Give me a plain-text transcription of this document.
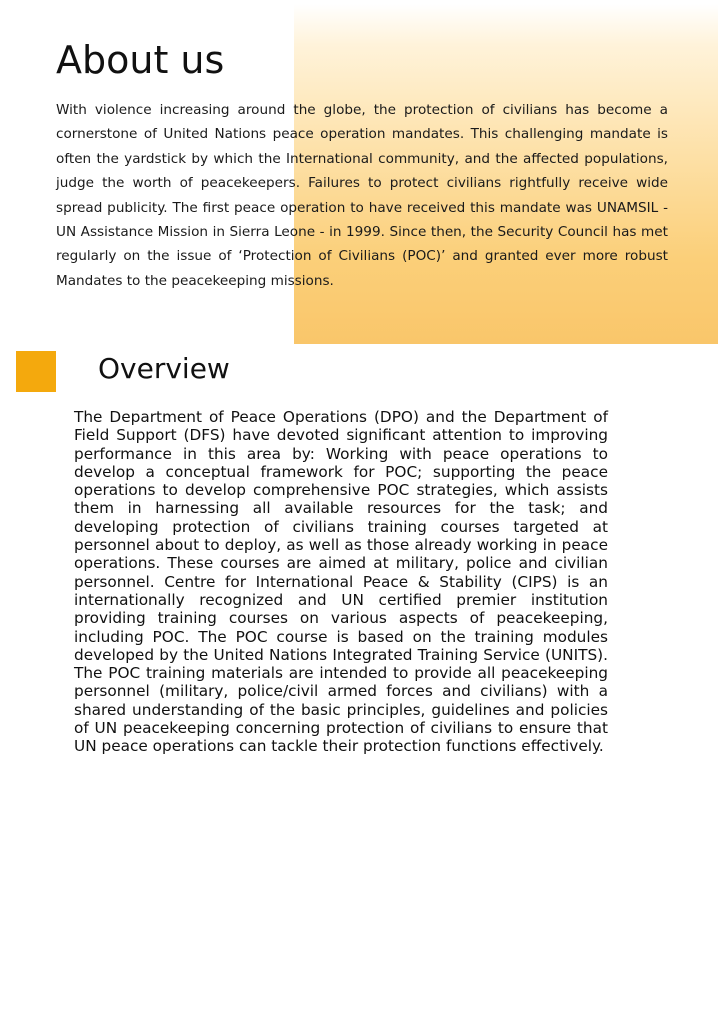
About us

With violence increasing around the globe, the protection of civilians has become a cornerstone of United Nations peace operation mandates. This challenging mandate is often the yardstick by which the International community, and the affected populations, judge the worth of peacekeepers. Failures to protect civilians rightfully receive wide spread publicity. The first peace operation to have received this mandate was UNAMSIL - UN Assistance Mission in Sierra Leone - in 1999. Since then, the Security Council has met regularly on the issue of ‘Protection of Civilians (POC)’ and granted ever more robust Mandates to the peacekeeping missions.

Overview

The Department of Peace Operations (DPO) and the Department of Field Support (DFS) have devoted significant attention to improving performance in this area by: Working with peace operations to develop a conceptual framework for POC; supporting the peace operations to develop comprehensive POC strategies, which assists them in harnessing all available resources for the task; and developing protection of civilians training courses targeted at personnel about to deploy, as well as those already working in peace operations. These courses are aimed at military, police and civilian personnel. Centre for International Peace & Stability (CIPS) is an internationally recognized and UN certified premier institution providing training courses on various aspects of peacekeeping, including POC. The POC course is based on the training modules developed by the United Nations Integrated Training Service (UNITS). The POC training materials are intended to provide all peacekeeping personnel (military, police/civil armed forces and civilians) with a shared understanding of the basic principles, guidelines and policies of UN peacekeeping concerning protection of civilians to ensure that UN peace operations can tackle their protection functions effectively.
